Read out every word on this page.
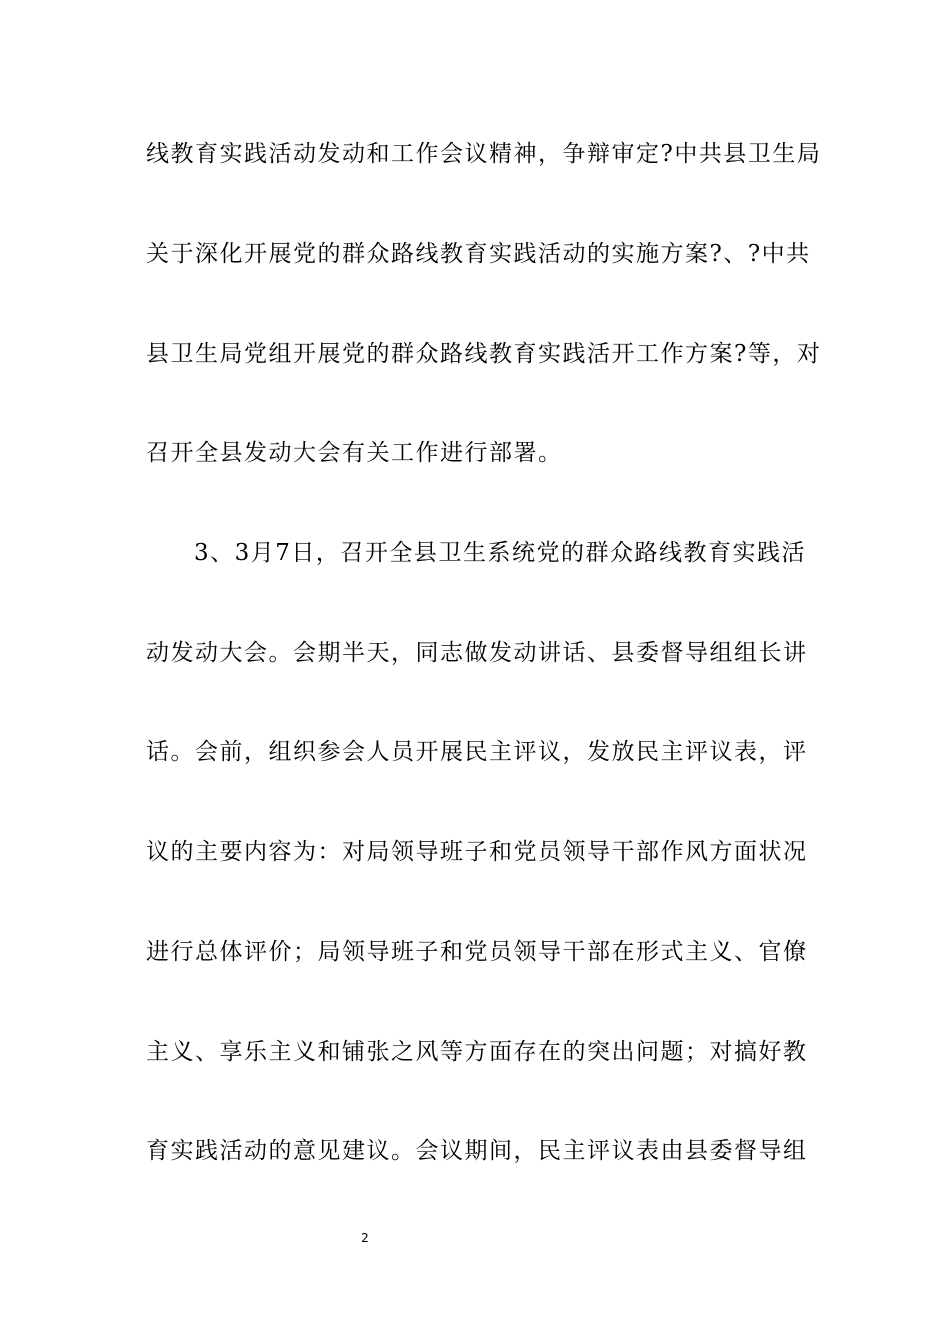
线教育实践活动发动和工作会议精神，争辩审定?中共县卫生局
关于深化开展党的群众路线教育实践活动的实施方案?、?中共
县卫生局党组开展党的群众路线教育实践活开工作方案?等，对
召开全县发动大会有关工作进行部署。
3、3月7日，召开全县卫生系统党的群众路线教育实践活
动发动大会。会期半天，同志做发动讲话、县委督导组组长讲
话。会前，组织参会人员开展民主评议，发放民主评议表，评
议的主要内容为：对局领导班子和党员领导干部作风方面状况
进行总体评价；局领导班子和党员领导干部在形式主义、官僚
主义、享乐主义和铺张之风等方面存在的突出问题；对搞好教
育实践活动的意见建议。会议期间，民主评议表由县委督导组
2
